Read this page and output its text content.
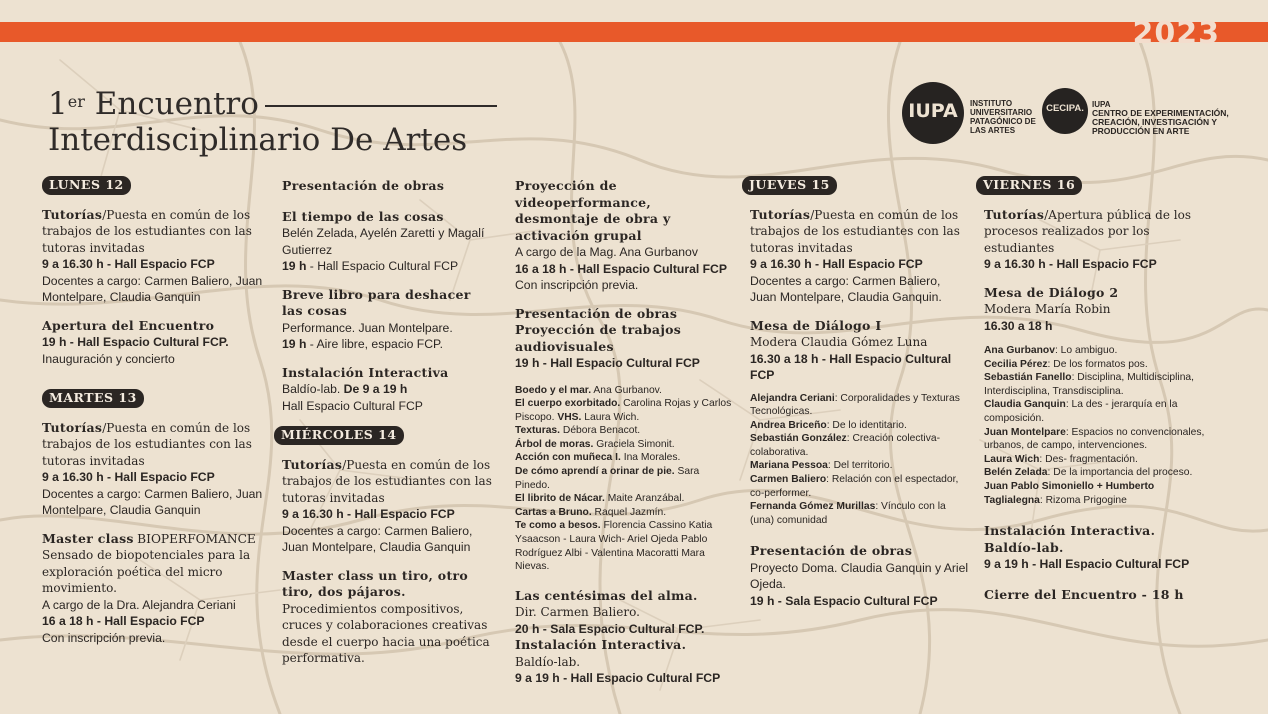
2023
1er Encuentro
Interdisciplinario De Artes
IUPA	INSTITUTO UNIVERSITARIO PATAGÓNICO DE LAS ARTES
CECIPA.	IUPA
CENTRO DE EXPERIMENTACIÓN, CREACIÓN, INVESTIGACIÓN Y PRODUCCIÓN EN ARTE
LUNES 12
Tutorías/Puesta en común de los trabajos de los estudiantes con las tutoras invitadas
9 a 16.30 h - Hall Espacio FCP
Docentes a cargo: Carmen Baliero, Juan Montelpare, Claudia Ganquin
Apertura del Encuentro
19 h - Hall Espacio Cultural FCP.
Inauguración y concierto
MARTES 13
Tutorías/Puesta en común de los trabajos de los estudiantes con las tutoras invitadas
9 a 16.30 h - Hall Espacio FCP
Docentes a cargo: Carmen Baliero, Juan Montelpare, Claudia Ganquin
Master class BIOPERFOMANCE
Sensado de biopotenciales para la exploración poética del micro movimiento.
A cargo de la Dra. Alejandra Ceriani
16 a 18 h - Hall Espacio FCP
Con inscripción previa.
Presentación de obras
El tiempo de las cosas
Belén Zelada, Ayelén Zaretti y Magalí Gutierrez
19 h - Hall Espacio Cultural FCP
Breve libro para deshacer las cosas
Performance. Juan Montelpare.
19 h - Aire libre, espacio FCP.
Instalación Interactiva
Baldío-lab. De 9 a 19 h
Hall Espacio Cultural FCP
MIÉRCOLES 14
Tutorías/Puesta en común de los trabajos de los estudiantes con las tutoras invitadas
9 a 16.30 h - Hall Espacio FCP
Docentes a cargo: Carmen Baliero, Juan Montelpare, Claudia Ganquin
Master class un tiro, otro tiro, dos pájaros.
Procedimientos compositivos, cruces y colaboraciones creativas desde el cuerpo hacia una poética performativa.
Proyección de videoperformance, desmontaje de obra y activación grupal
A cargo de la Mag. Ana Gurbanov
16 a 18 h - Hall Espacio Cultural FCP
Con inscripción previa.
Presentación de obras Proyección de trabajos audiovisuales
19 h - Hall Espacio Cultural FCP
Boedo y el mar. Ana Gurbanov.
El cuerpo exorbitado. Carolina Rojas y Carlos Piscopo. VHS. Laura Wich.
Texturas. Débora Benacot.
Árbol de moras. Graciela Simonit.
Acción con muñeca I. Ina Morales.
De cómo aprendí a orinar de pie. Sara Pinedo.
El librito de Nácar. Maite Aranzábal.
Cartas a Bruno. Raquel Jazmín.
Te como a besos. Florencia Cassino Katia Ysaacson - Laura Wich- Ariel Ojeda Pablo Rodríguez Albi - Valentina Macoratti Mara Nievas.
Las centésimas del alma.
Dir. Carmen Baliero.
20 h - Sala Espacio Cultural FCP.
Instalación Interactiva.
Baldío-lab.
9 a 19 h - Hall Espacio Cultural FCP
JUEVES 15
Tutorías/Puesta en común de los trabajos de los estudiantes con las tutoras invitadas
9 a 16.30 h - Hall Espacio FCP
Docentes a cargo: Carmen Baliero, Juan Montelpare, Claudia Ganquin.
Mesa de Diálogo I
Modera Claudia Gómez Luna
16.30 a 18 h - Hall Espacio Cultural FCP
Alejandra Ceriani: Corporalidades y Texturas Tecnológicas.
Andrea Briceño: De lo identitario.
Sebastián González: Creación colectiva-colaborativa.
Mariana Pessoa: Del territorio.
Carmen Baliero: Relación con el espectador, co-performer.
Fernanda Gómez Murillas: Vínculo con la (una) comunidad
Presentación de obras
Proyecto Doma. Claudia Ganquin y Ariel Ojeda.
19 h - Sala Espacio Cultural FCP
VIERNES 16
Tutorías/Apertura pública de los procesos realizados por los estudiantes
9 a 16.30 h - Hall Espacio FCP
Mesa de Diálogo 2
Modera María Robin
16.30 a 18 h
Ana Gurbanov: Lo ambiguo.
Cecilia Pérez: De los formatos pos.
Sebastián Fanello: Disciplina, Multidisciplina, Interdisciplina, Transdisciplina.
Claudia Ganquin: La des - jerarquía en la composición.
Juan Montelpare: Espacios no convencionales, urbanos, de campo, intervenciones.
Laura Wich: Des- fragmentación.
Belén Zelada: De la importancia del proceso.
Juan Pablo Simoniello + Humberto Taglialegna: Rizoma Prigogine
Instalación Interactiva. Baldío-lab.
9 a 19 h - Hall Espacio Cultural FCP
Cierre del Encuentro - 18 h
